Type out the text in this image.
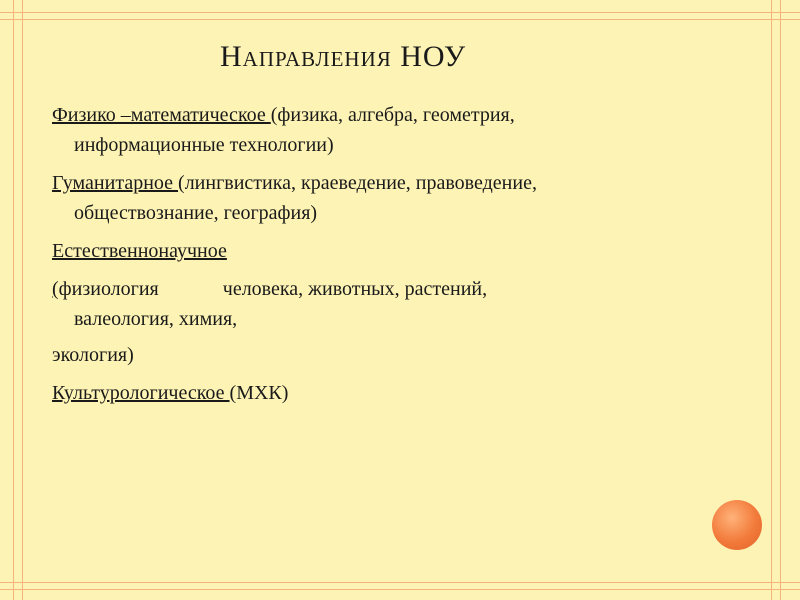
Направления НОУ
Физико –математическое (физика, алгебра, геометрия,
информационные технологии)
Гуманитарное (лингвистика, краеведение, правоведение,
обществознание, география)
Естественнонаучное
(физиология	человека, животных, растений,
валеология, химия,
экология)
Культурологическое (МХК)
